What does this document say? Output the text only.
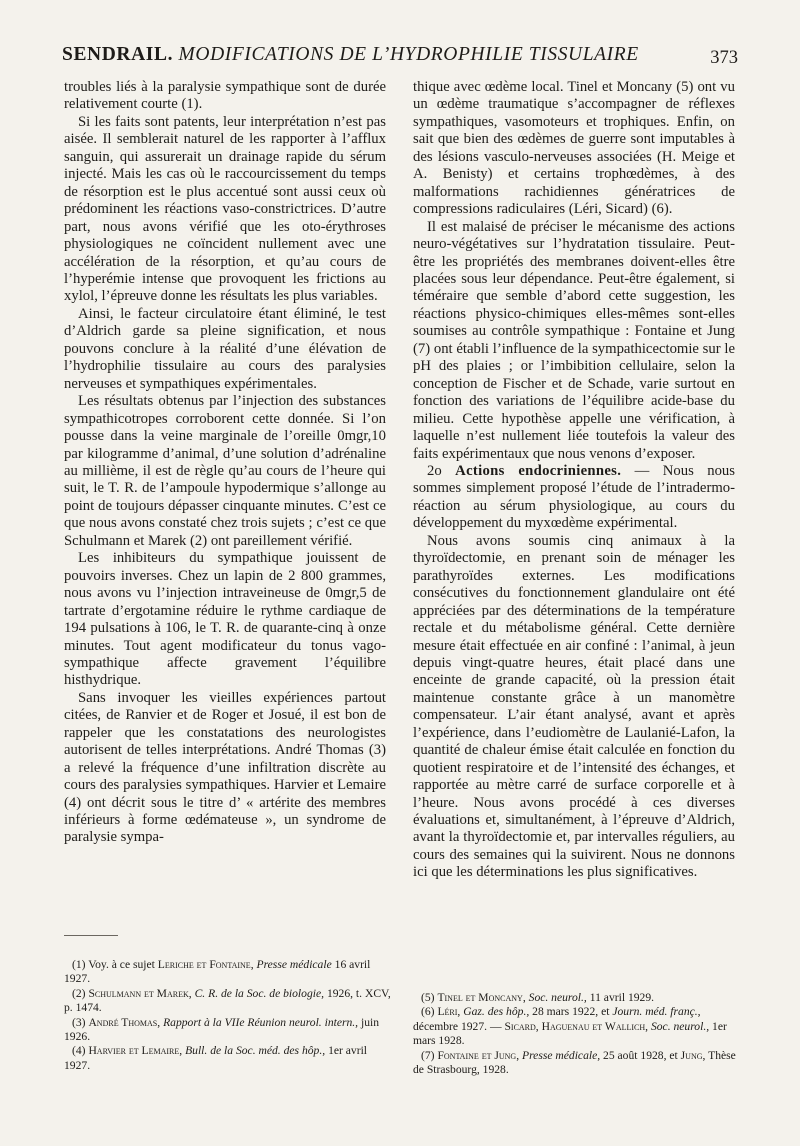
SENDRAIL. MODIFICATIONS DE L’HYDROPHILIE TISSULAIRE	373

troubles liés à la paralysie sympathique sont de durée relativement courte (1).

Si les faits sont patents, leur interprétation n’est pas aisée. Il semblerait naturel de les rapporter à l’afflux sanguin, qui assurerait un drainage rapide du sérum injecté. Mais les cas où le raccourcissement du temps de résorption est le plus accentué sont aussi ceux où prédominent les réactions vaso-constrictrices. D’autre part, nous avons vérifié que les oto-érythroses physiologiques ne coïncident nullement avec une accélération de la résorption, et qu’au cours de l’hyperémie intense que provoquent les frictions au xylol, l’épreuve donne les résultats les plus variables.

Ainsi, le facteur circulatoire étant éliminé, le test d’Aldrich garde sa pleine signification, et nous pouvons conclure à la réalité d’une élévation de l’hydrophilie tissulaire au cours des paralysies nerveuses et sympathiques expérimentales.

Les résultats obtenus par l’injection des substances sympathicotropes corroborent cette donnée. Si l’on pousse dans la veine marginale de l’oreille 0mgr,10 par kilogramme d’animal, d’une solution d’adrénaline au millième, il est de règle qu’au cours de l’heure qui suit, le T. R. de l’ampoule hypodermique s’allonge au point de toujours dépasser cinquante minutes. C’est ce que nous avons constaté chez trois sujets ; c’est ce que Schulmann et Marek (2) ont pareillement vérifié.

Les inhibiteurs du sympathique jouissent de pouvoirs inverses. Chez un lapin de 2 800 grammes, nous avons vu l’injection intraveineuse de 0mgr,5 de tartrate d’ergotamine réduire le rythme cardiaque de 194 pulsations à 106, le T. R. de quarante-cinq à onze minutes. Tout agent modificateur du tonus vago-sympathique affecte gravement l’équilibre histhydrique.

Sans invoquer les vieilles expériences partout citées, de Ranvier et de Roger et Josué, il est bon de rappeler que les constatations des neurologistes autorisent de telles interprétations. André Thomas (3) a relevé la fréquence d’une infiltration discrète au cours des paralysies sympathiques. Harvier et Lemaire (4) ont décrit sous le titre d’ « artérite des membres inférieurs à forme œdémateuse », un syndrome de paralysie sympa-

thique avec œdème local. Tinel et Moncany (5) ont vu un œdème traumatique s’accompagner de réflexes sympathiques, vasomoteurs et trophiques. Enfin, on sait que bien des œdèmes de guerre sont imputables à des lésions vasculo-nerveuses associées (H. Meige et A. Benisty) et certains trophœdèmes, à des malformations rachidiennes génératrices de compressions radiculaires (Léri, Sicard) (6).

Il est malaisé de préciser le mécanisme des actions neuro-végétatives sur l’hydratation tissulaire. Peut-être les propriétés des membranes doivent-elles être placées sous leur dépendance. Peut-être également, si téméraire que semble d’abord cette suggestion, les réactions physico-chimiques elles-mêmes sont-elles soumises au contrôle sympathique : Fontaine et Jung (7) ont établi l’influence de la sympathicectomie sur le pH des plaies ; or l’imbibition cellulaire, selon la conception de Fischer et de Schade, varie surtout en fonction des variations de l’équilibre acide-base du milieu. Cette hypothèse appelle une vérification, à laquelle n’est nullement liée toutefois la valeur des faits expérimentaux que nous venons d’exposer.

2o Actions endocriniennes. — Nous nous sommes simplement proposé l’étude de l’intradermo-réaction au sérum physiologique, au cours du développement du myxœdème expérimental.

Nous avons soumis cinq animaux à la thyroïdectomie, en prenant soin de ménager les parathyroïdes externes. Les modifications consécutives du fonctionnement glandulaire ont été appréciées par des déterminations de la température rectale et du métabolisme général. Cette dernière mesure était effectuée en air confiné : l’animal, à jeun depuis vingt-quatre heures, était placé dans une enceinte de grande capacité, où la pression était maintenue constante grâce à un manomètre compensateur. L’air étant analysé, avant et après l’expérience, dans l’eudiomètre de Laulanié-Lafon, la quantité de chaleur émise était calculée en fonction du quotient respiratoire et de l’intensité des échanges, et rapportée au mètre carré de surface corporelle et à l’heure. Nous avons procédé à ces diverses évaluations et, simultanément, à l’épreuve d’Aldrich, avant la thyroïdectomie et, par intervalles réguliers, au cours des semaines qui la suivirent. Nous ne donnons ici que les déterminations les plus significatives.

(1) Voy. à ce sujet Leriche et Fontaine, Presse médicale 16 avril 1927.

(2) Schulmann et Marek, C. R. de la Soc. de biologie, 1926, t. XCV, p. 1474.

(3) André Thomas, Rapport à la VIIe Réunion neurol. intern., juin 1926.

(4) Harvier et Lemaire, Bull. de la Soc. méd. des hôp., 1er avril 1927.

(5) Tinel et Moncany, Soc. neurol., 11 avril 1929.

(6) Léri, Gaz. des hôp., 28 mars 1922, et Journ. méd. franç., décembre 1927. — Sicard, Haguenau et Wallich, Soc. neurol., 1er mars 1928.

(7) Fontaine et Jung, Presse médicale, 25 août 1928, et Jung, Thèse de Strasbourg, 1928.
